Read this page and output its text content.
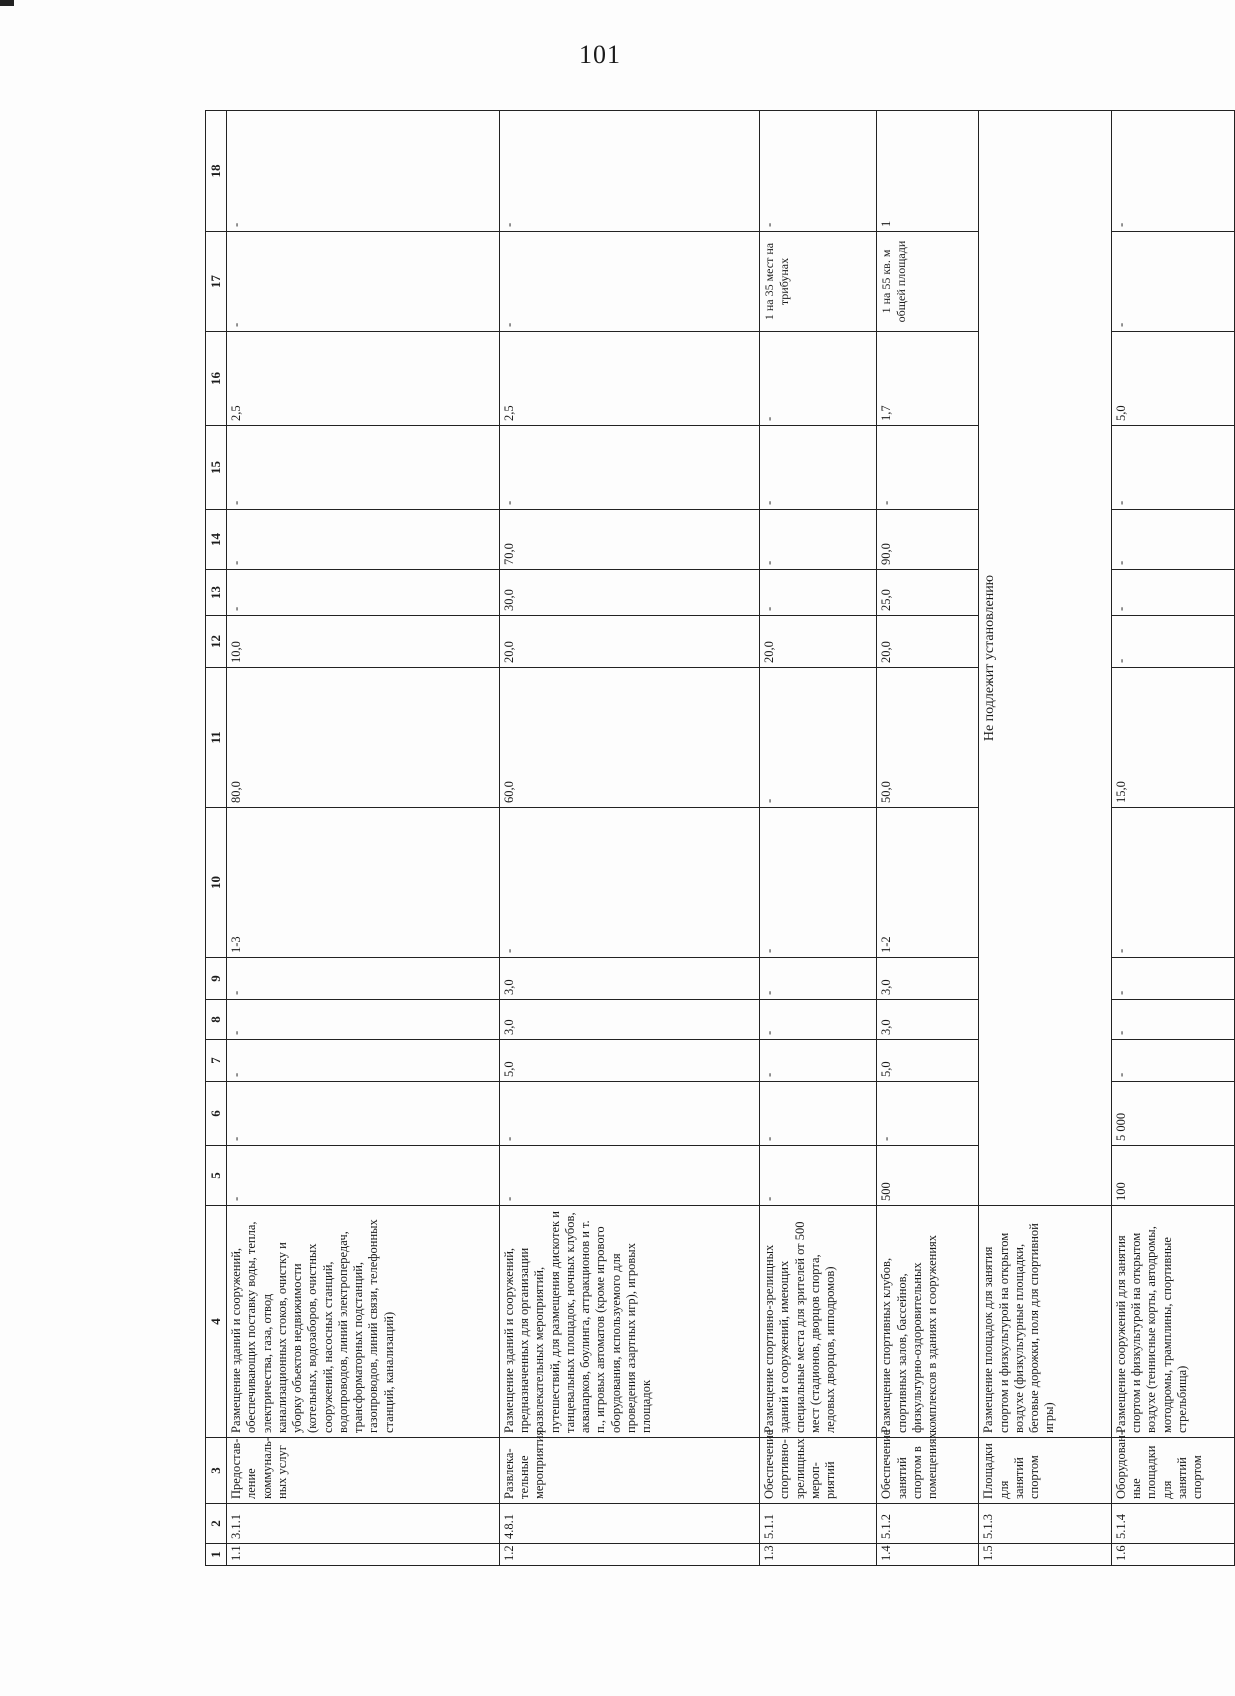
101
1	2	3	4	5	6	7	8	9	10	11	12	13	14	15	16	17	18
1.1	3.1.1	Предостав-ление коммуналь-ных услуг	Размещение зданий и сооружений, обеспечивающих поставку воды, тепла, электричества, газа, отвод канализационных стоков, очистку и уборку объектов недвижимости (котельных, водозаборов, очистных сооружений, насосных станций, водопроводов, линий электропередач, трансформаторных подстанций, газопроводов, линий связи, телефонных станций, канализаций)	-	-	-	-	-	1-3	80,0	10,0	-	-	-	2,5	-	-
1.2	4.8.1	Развлека-тельные мероприятия	Размещение зданий и сооружений, предназначенных для организации развлекательных мероприятий, путешествий, для размещения дискотек и танцевальных площадок, ночных клубов, аквапарков, боулинга, аттракционов и т. п., игровых автоматов (кроме игрового оборудования, используемого для проведения азартных игр), игровых площадок	-	-	5,0	3,0	3,0	-	60,0	20,0	30,0	70,0	-	2,5	-	-
1.3	5.1.1	Обеспечение спортивно-зрелищных мероп-риятий	Размещение спортивно-зрелищных зданий и сооружений, имеющих специальные места для зрителей от 500 мест (стадионов, дворцов спорта, ледовых дворцов, ипподромов)	-	-	-	-	-	-	-	20,0	-	-	-	-	1 на 35 мест на трибунах	-
1.4	5.1.2	Обеспечение занятий спортом в помещениях	Размещение спортивных клубов, спортивных залов, бассейнов, физкультурно-оздоровительных комплексов в зданиях и сооружениях	500	-	5,0	3,0	3,0	1-2	50,0	20,0	25,0	90,0	-	1,7	1 на 55 кв. м общей площади	1
1.5	5.1.3	Площадки для занятий спортом	Размещение площадок для занятия спортом и физкультурой на открытом воздухе (физкультурные площадки, беговые дорожки, поля для спортивной игры)	Не подлежит установлению													
1.6	5.1.4	Оборудован-ные площадки для занятий спортом	Размещение сооружений для занятия спортом и физкультурой на открытом воздухе (теннисные корты, автодромы, мотодромы, трамплины, спортивные стрельбища)	100	5 000	-	-	-	-	15,0	-	-	-	-	5,0	-	-
